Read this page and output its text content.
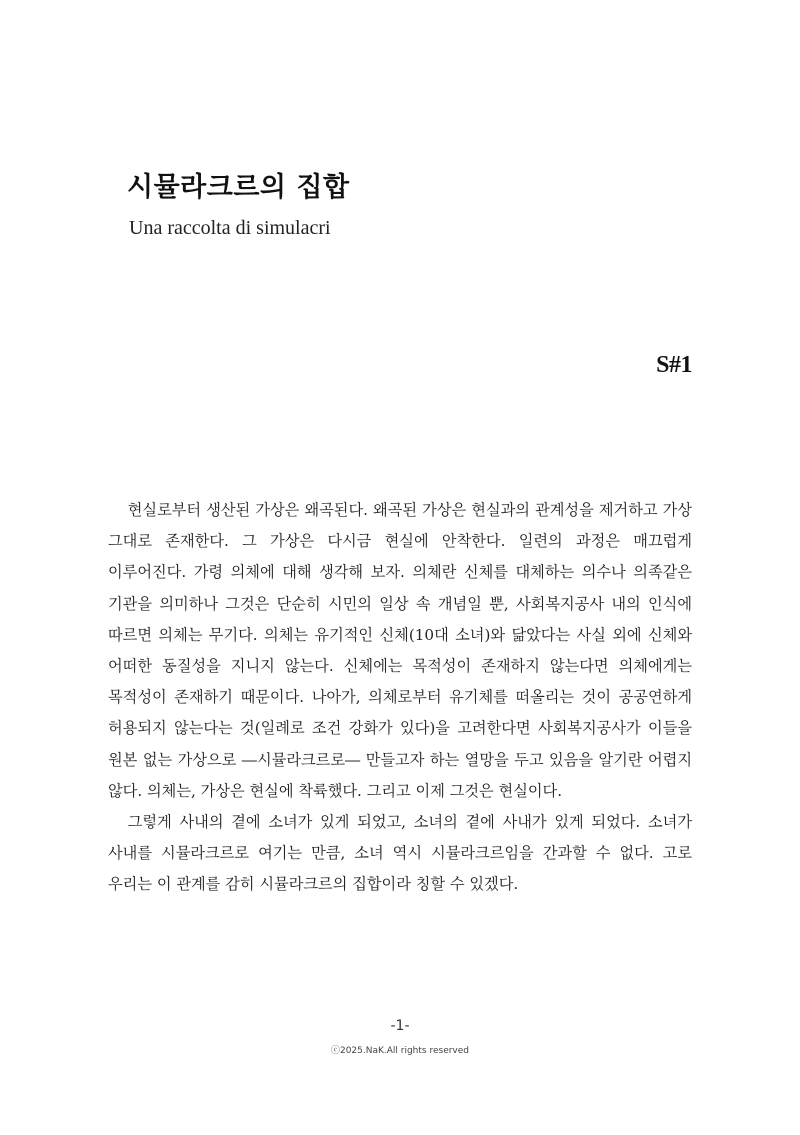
시뮬라크르의 집합
Una raccolta di simulacri
S#1

현실로부터 생산된 가상은 왜곡된다. 왜곡된 가상은 현실과의 관계성을 제거하고 가상 그대로 존재한다. 그 가상은 다시금 현실에 안착한다. 일련의 과정은 매끄럽게 이루어진다. 가령 의체에 대해 생각해 보자. 의체란 신체를 대체하는 의수나 의족같은 기관을 의미하나 그것은 단순히 시민의 일상 속 개념일 뿐, 사회복지공사 내의 인식에 따르면 의체는 무기다. 의체는 유기적인 신체(10대 소녀)와 닮았다는 사실 외에 신체와 어떠한 동질성을 지니지 않는다. 신체에는 목적성이 존재하지 않는다면 의체에게는 목적성이 존재하기 때문이다. 나아가, 의체로부터 유기체를 떠올리는 것이 공공연하게 허용되지 않는다는 것(일례로 조건 강화가 있다)을 고려한다면 사회복지공사가 이들을 원본 없는 가상으로 ―시뮬라크르로― 만들고자 하는 열망을 두고 있음을 알기란 어렵지 않다. 의체는, 가상은 현실에 착륙했다. 그리고 이제 그것은 현실이다.

그렇게 사내의 곁에 소녀가 있게 되었고, 소녀의 곁에 사내가 있게 되었다. 소녀가 사내를 시뮬라크르로 여기는 만큼, 소녀 역시 시뮬라크르임을 간과할 수 없다. 고로 우리는 이 관계를 감히 시뮬라크르의 집합이라 칭할 수 있겠다.

-1-
ⓒ2025.NaK.All rights reserved
